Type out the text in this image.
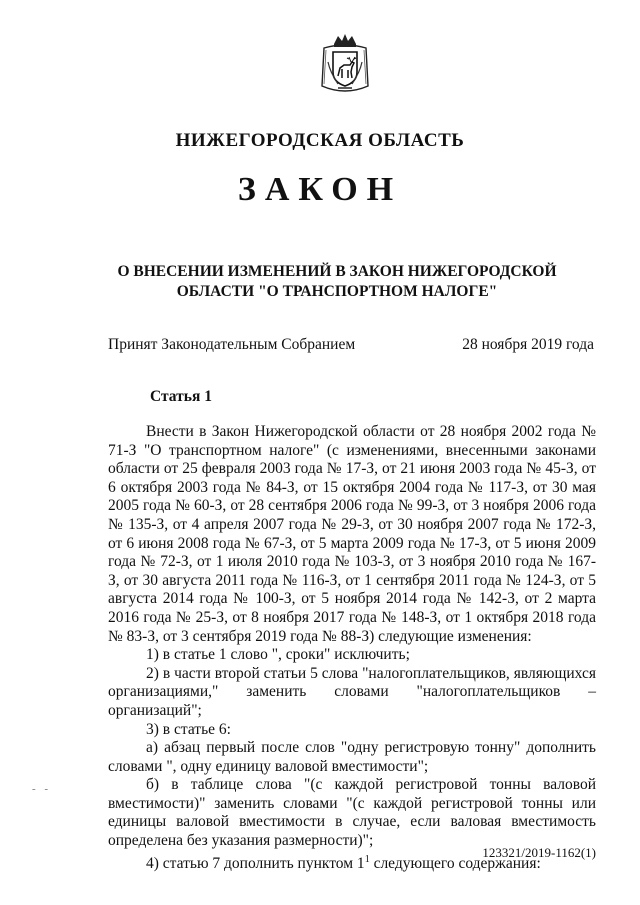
НИЖЕГОРОДСКАЯ ОБЛАСТЬ
ЗАКОН
О ВНЕСЕНИИ ИЗМЕНЕНИЙ В ЗАКОН НИЖЕГОРОДСКОЙ
ОБЛАСТИ "О ТРАНСПОРТНОМ НАЛОГЕ"
Принят Законодательным Собранием	28 ноября 2019 года
Статья 1

Внести в Закон Нижегородской области от 28 ноября 2002 года № 71-З "О транспортном налоге" (с изменениями, внесенными законами области от 25 февраля 2003 года № 17-З, от 21 июня 2003 года № 45-З, от 6 октября 2003 года № 84-З, от 15 октября 2004 года № 117-З, от 30 мая 2005 года № 60-З, от 28 сентября 2006 года № 99-З, от 3 ноября 2006 года № 135-З, от 4 апреля 2007 года № 29-З, от 30 ноября 2007 года № 172-З, от 6 июня 2008 года № 67-З, от 5 марта 2009 года № 17-З, от 5 июня 2009 года № 72-З, от 1 июля 2010 года № 103-З, от 3 ноября 2010 года № 167-З, от 30 августа 2011 года № 116-З, от 1 сентября 2011 года № 124-З, от 5 августа 2014 года № 100-З, от 5 ноября 2014 года № 142-З, от 2 марта 2016 года № 25-З, от 8 ноября 2017 года № 148-З, от 1 октября 2018 года № 83-З, от 3 сентября 2019 года № 88-З) следующие изменения:

1) в статье 1 слово ", сроки" исключить;

2) в части второй статьи 5 слова "налогоплательщиков, являющихся организациями," заменить словами "налогоплательщиков – организаций";

3) в статье 6:

а) абзац первый после слов "одну регистровую тонну" дополнить словами ", одну единицу валовой вместимости";

б) в таблице слова "(с каждой регистровой тонны валовой вместимости)" заменить словами "(с каждой регистровой тонны или единицы валовой вместимости в случае, если валовая вместимость определена без указания размерности)";

4) статью 7 дополнить пунктом $1^1$ следующего содержания:

- -
123321/2019-1162(1)
